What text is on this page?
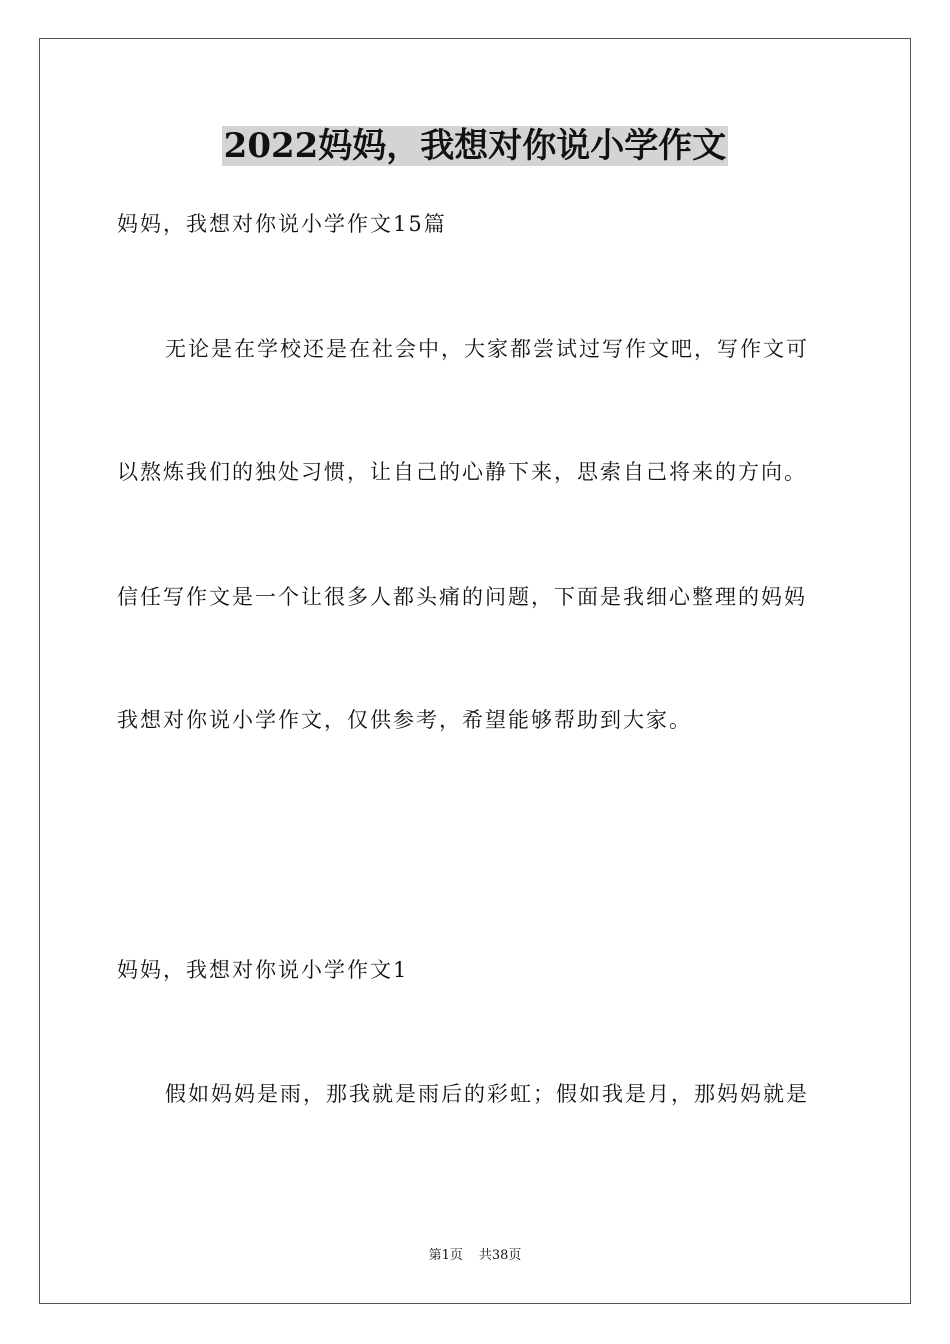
2022妈妈，我想对你说小学作文
妈妈，我想对你说小学作文15篇
无论是在学校还是在社会中，大家都尝试过写作文吧，写作文可
以熬炼我们的独处习惯，让自己的心静下来，思索自己将来的方向。
信任写作文是一个让很多人都头痛的问题，下面是我细心整理的妈妈
我想对你说小学作文，仅供参考，希望能够帮助到大家。
妈妈，我想对你说小学作文1
假如妈妈是雨，那我就是雨后的彩虹；假如我是月，那妈妈就是
第1页 共38页
